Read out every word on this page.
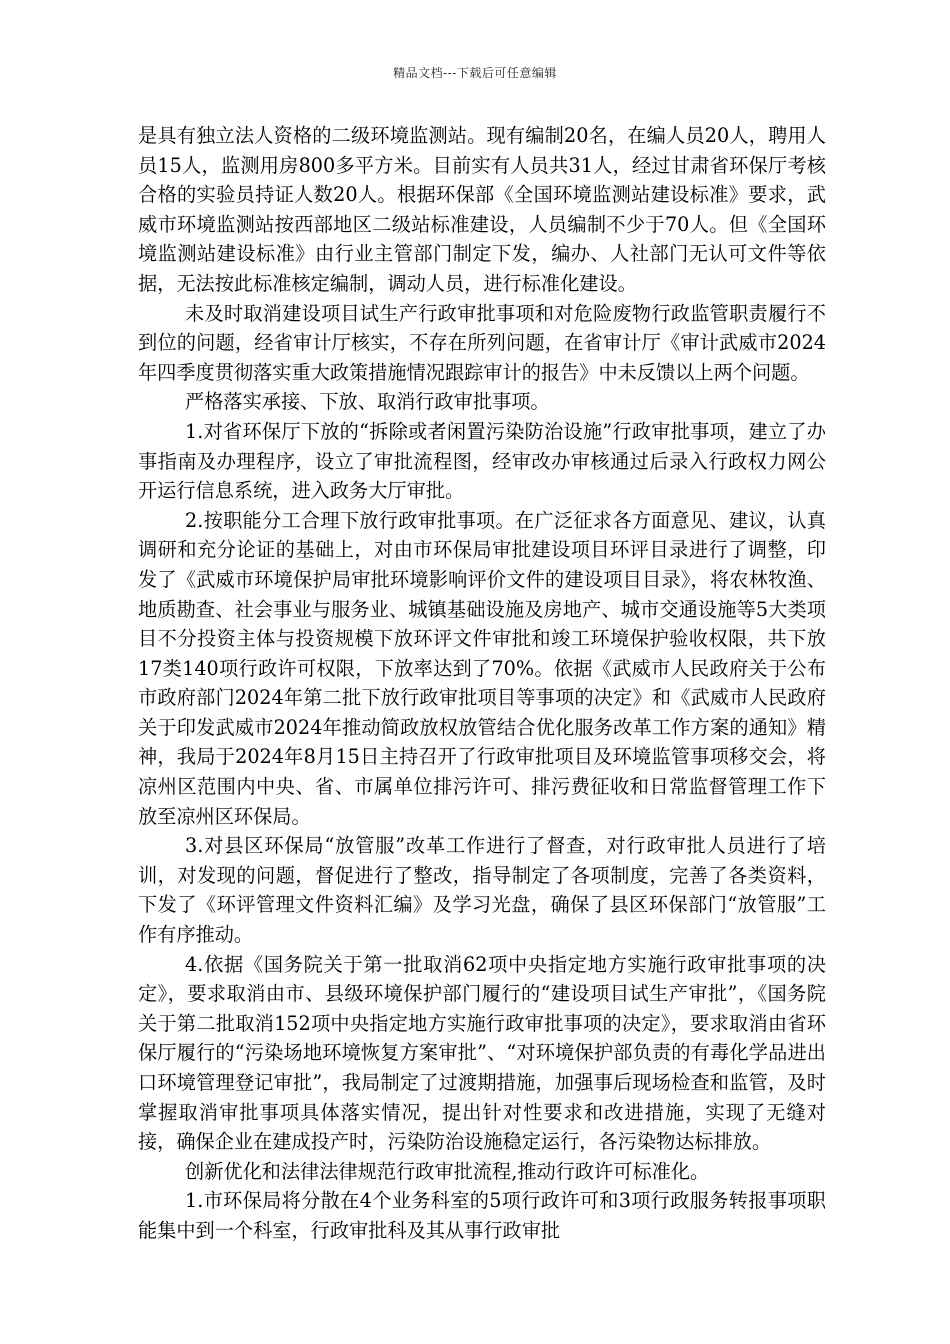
精品文档---下载后可任意编辑

是具有独立法人资格的二级环境监测站。现有编制20名，在编人员20人，聘用人员15人，监测用房800多平方米。目前实有人员共31人，经过甘肃省环保厅考核合格的实验员持证人数20人。根据环保部《全国环境监测站建设标准》要求，武威市环境监测站按西部地区二级站标准建设，人员编制不少于70人。但《全国环境监测站建设标准》由行业主管部门制定下发，编办、人社部门无认可文件等依据，无法按此标准核定编制，调动人员，进行标准化建设。

未及时取消建设项目试生产行政审批事项和对危险废物行政监管职责履行不到位的问题，经省审计厅核实，不存在所列问题，在省审计厅《审计武威市2024年四季度贯彻落实重大政策措施情况跟踪审计的报告》中未反馈以上两个问题。

严格落实承接、下放、取消行政审批事项。

1.对省环保厅下放的“拆除或者闲置污染防治设施”行政审批事项，建立了办事指南及办理程序，设立了审批流程图，经审改办审核通过后录入行政权力网公开运行信息系统，进入政务大厅审批。

2.按职能分工合理下放行政审批事项。在广泛征求各方面意见、建议，认真调研和充分论证的基础上，对由市环保局审批建设项目环评目录进行了调整，印发了《武威市环境保护局审批环境影响评价文件的建设项目目录》，将农林牧渔、地质勘查、社会事业与服务业、城镇基础设施及房地产、城市交通设施等5大类项目不分投资主体与投资规模下放环评文件审批和竣工环境保护验收权限，共下放17类140项行政许可权限，下放率达到了70%。依据《武威市人民政府关于公布市政府部门2024年第二批下放行政审批项目等事项的决定》和《武威市人民政府关于印发武威市2024年推动简政放权放管结合优化服务改革工作方案的通知》精神，我局于2024年8月15日主持召开了行政审批项目及环境监管事项移交会，将凉州区范围内中央、省、市属单位排污许可、排污费征收和日常监督管理工作下放至凉州区环保局。

3.对县区环保局“放管服”改革工作进行了督查，对行政审批人员进行了培训，对发现的问题，督促进行了整改，指导制定了各项制度，完善了各类资料，下发了《环评管理文件资料汇编》及学习光盘，确保了县区环保部门“放管服”工作有序推动。

4.依据《国务院关于第一批取消62项中央指定地方实施行政审批事项的决定》，要求取消由市、县级环境保护部门履行的“建设项目试生产审批”，《国务院关于第二批取消152项中央指定地方实施行政审批事项的决定》，要求取消由省环保厅履行的“污染场地环境恢复方案审批”、“对环境保护部负责的有毒化学品进出口环境管理登记审批”，我局制定了过渡期措施，加强事后现场检查和监管，及时掌握取消审批事项具体落实情况，提出针对性要求和改进措施，实现了无缝对接，确保企业在建成投产时，污染防治设施稳定运行，各污染物达标排放。

创新优化和法律法律规范行政审批流程,推动行政许可标准化。

1.市环保局将分散在4个业务科室的5项行政许可和3项行政服务转报事项职能集中到一个科室，行政审批科及其从事行政审批
